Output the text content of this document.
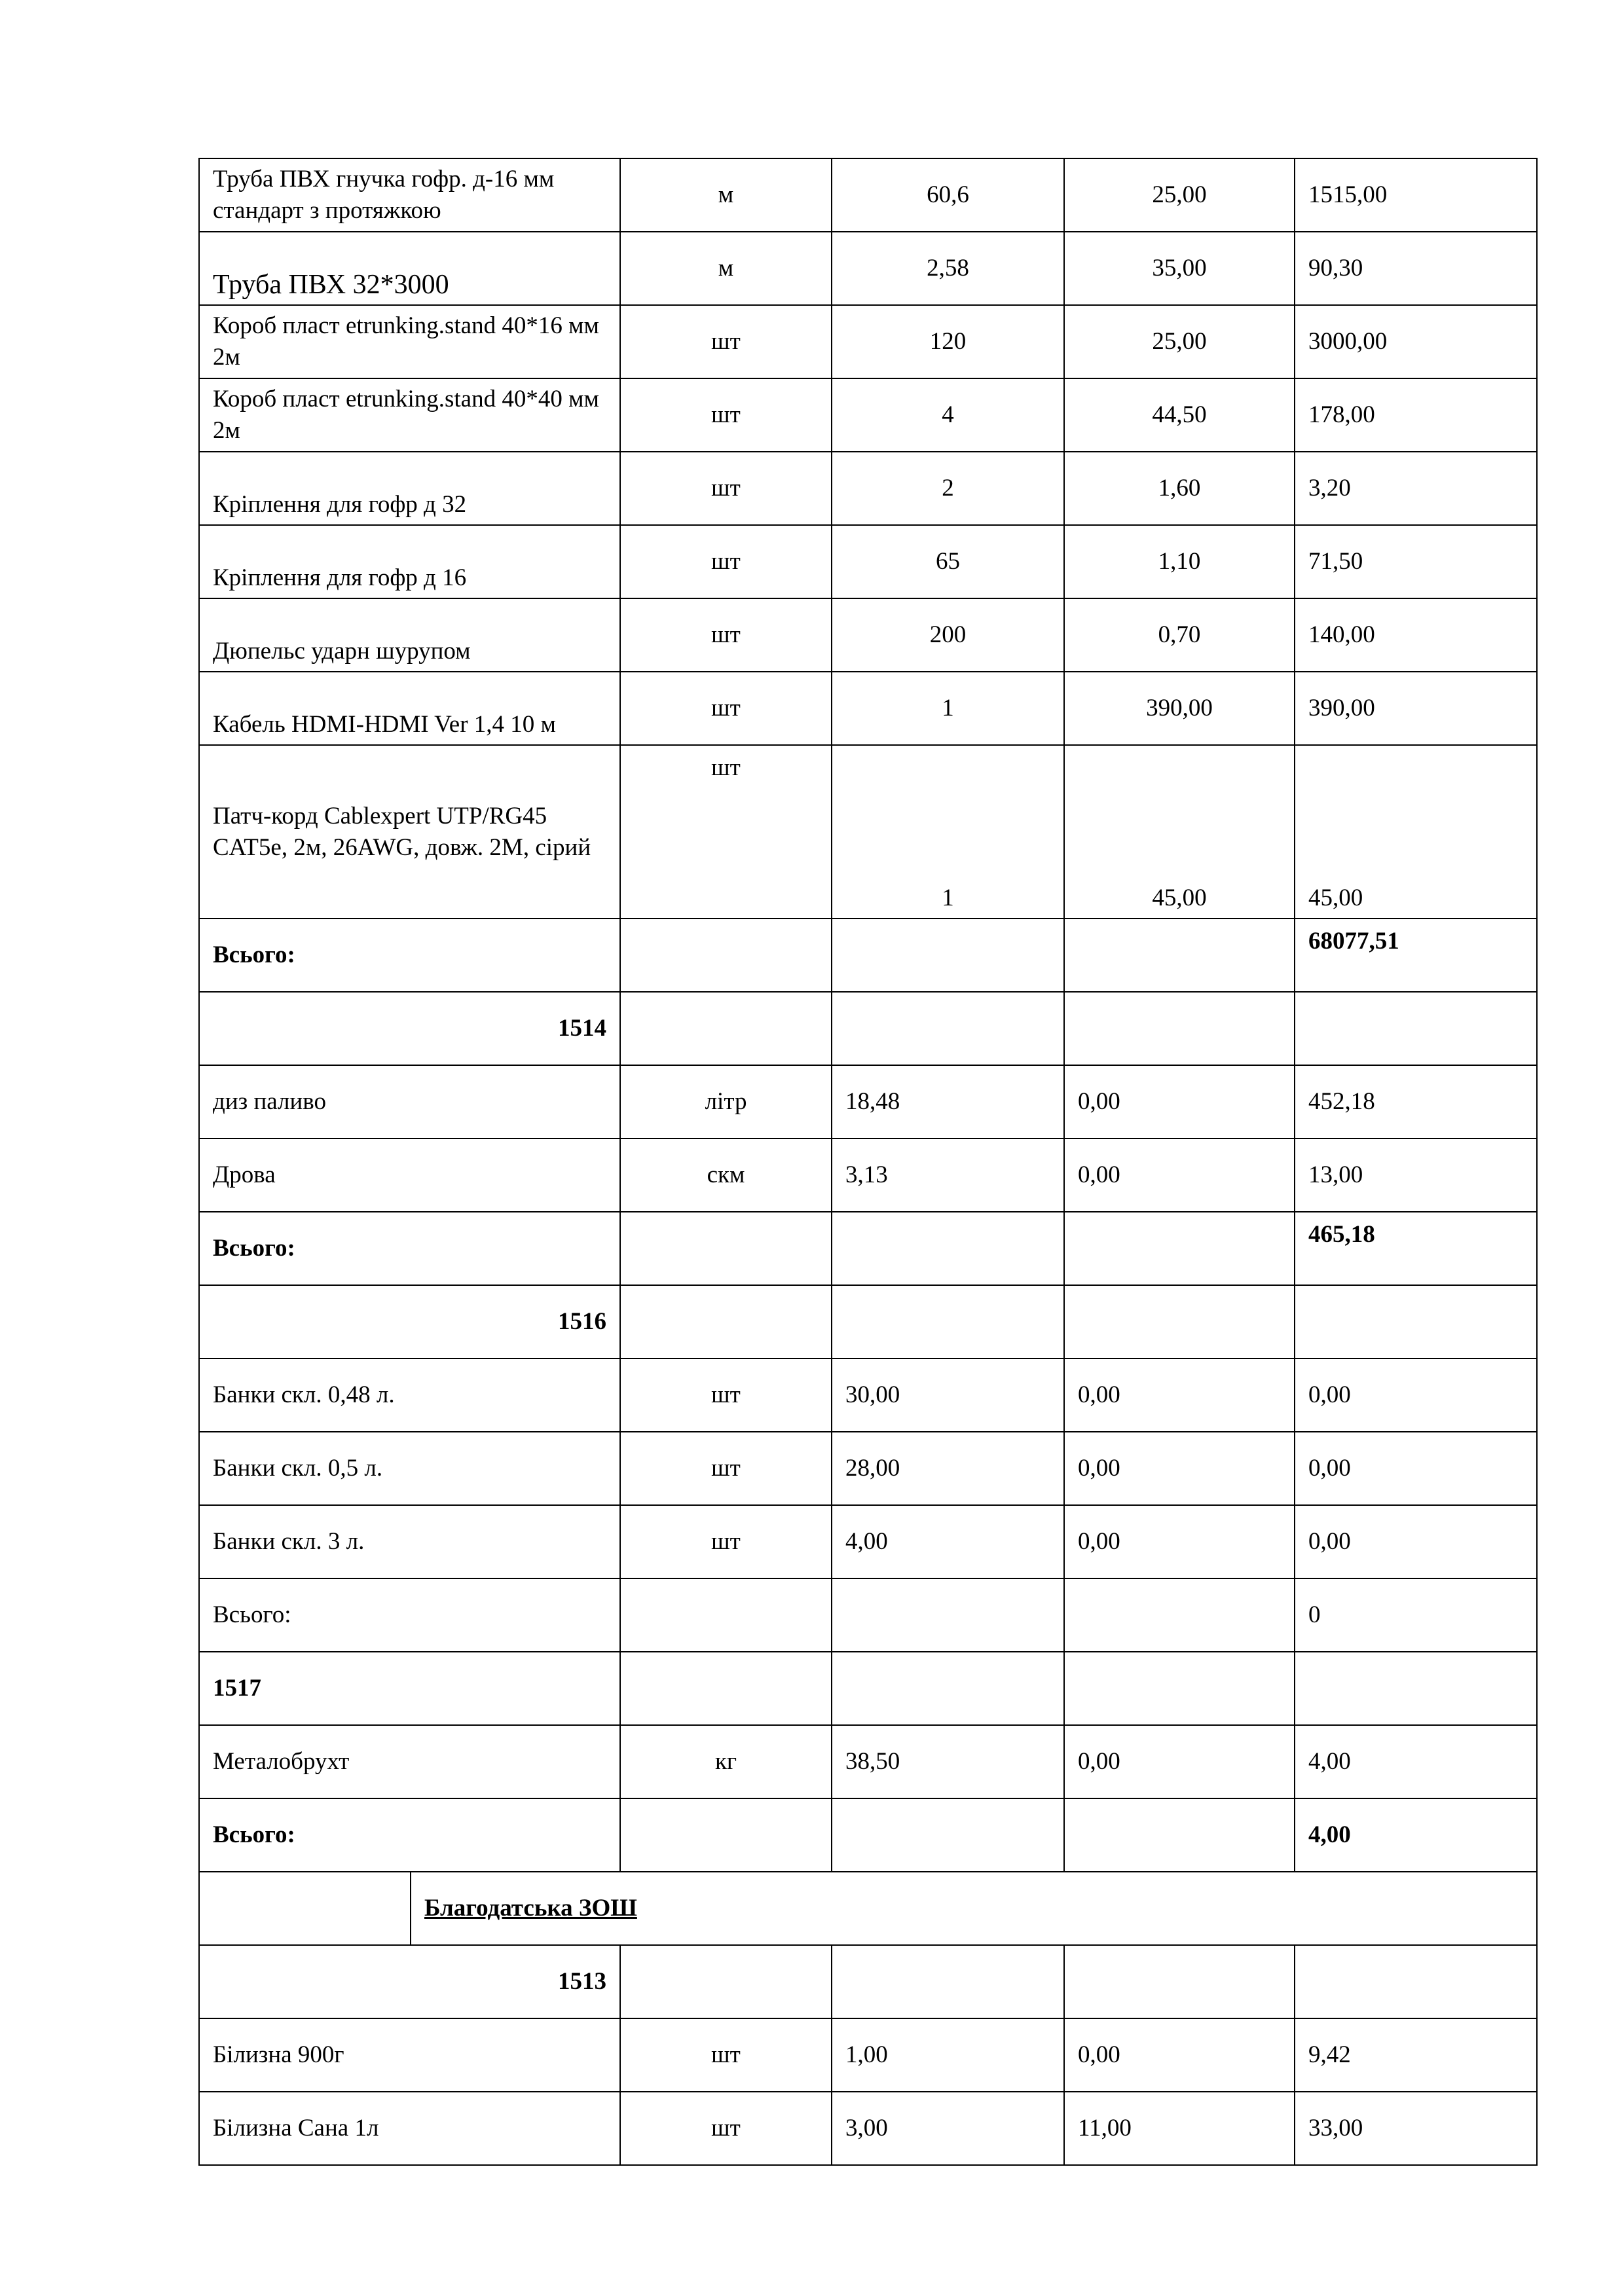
Труба ПВХ гнучка гофр. д-16 мм стандарт з протяжкою		м	60,6	25,00	1515,00
Труба ПВХ 32*3000		м	2,58	35,00	90,30
Короб пласт etrunking.stand 40*16 мм 2м		шт	120	25,00	3000,00
Короб пласт etrunking.stand 40*40 мм 2м		шт	4	44,50	178,00
Кріплення для гофр д 32		шт	2	1,60	3,20
Кріплення для гофр д 16		шт	65	1,10	71,50
Дюпельс ударн шурупом		шт	200	0,70	140,00
Кабель HDMI-HDMI Ver 1,4 10 м		шт	1	390,00	390,00
Патч-корд Cablexpert UTP/RG45 CAT5e, 2м, 26AWG, довж. 2М, сірий		шт	1	45,00	45,00
Всього:					68077,51
1514					
диз паливо		літр	18,48	0,00	452,18
Дрова		скм	3,13	0,00	13,00
Всього:					465,18
1516					
Банки скл. 0,48 л.		шт	30,00	0,00	0,00
Банки скл. 0,5 л.		шт	28,00	0,00	0,00
Банки скл. 3 л.		шт	4,00	0,00	0,00
Всього:					0
1517					
Металобрухт		кг	38,50	0,00	4,00
Всього:					4,00
	Благодатська ЗОШ				
1513					
Білизна 900г		шт	1,00	0,00	9,42
Білизна Сана 1л		шт	3,00	11,00	33,00
